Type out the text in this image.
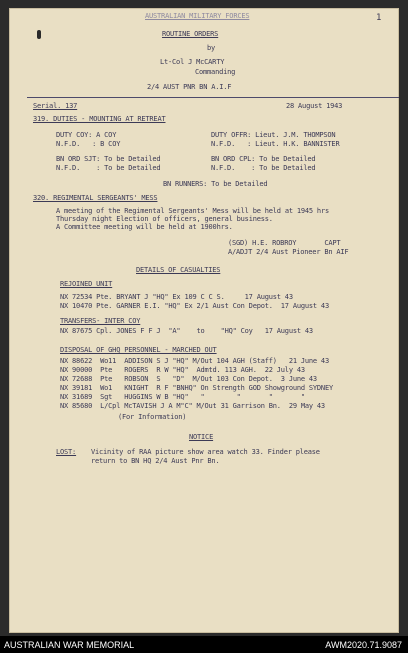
AUSTRALIAN MILITARY FORCES
ROUTINE ORDERS
by
Lt-Col J McCARTY
Commanding
2/4 AUST PNR BN A.I.F
Serial. 137	28 August 1943
319. DUTIES - MOUNTING AT RETREAT
DUTY COY: A COY
N.F.D.   : B COY
DUTY OFFR: Lieut. J.M. THOMPSON
N.F.D.   : Lieut. H.K. BANNISTER
BN ORD SJT: To be Detailed
N.F.D.    : To be Detailed
BN ORD CPL: To be Detailed
N.F.D.    : To be Detailed
BN RUNNERS: To be Detailed
320. REGIMENTAL SERGEANTS' MESS
A meeting of the Regimental Sergeants' Mess will be held at 1945 hrs
Thursday night Election of officers, general business.
A Committee meeting will be held at 1900hrs.
(SGD) H.E. ROBROY       CAPT
A/ADJT 2/4 Aust Pioneer Bn AIF
DETAILS OF CASUALTIES
REJOINED UNIT
NX 72534 Pte. BRYANT J "HQ" Ex 109 C C S.     17 August 43
NX 10470 Pte. GARNER E.I. "HQ" Ex 2/1 Aust Con Depot.  17 August 43
TRANSFERS- INTER COY
NX 87675 Cpl. JONES F F J  "A"    to    "HQ" Coy   17 August 43
DISPOSAL OF GHQ PERSONNEL - MARCHED OUT
NX 88622  Wo11  ADDISON S J "HQ" M/Out 104 AGH (Staff)   21 June 43
NX 90000  Pte   ROGERS  R W "HQ"  Admtd. 113 AGH.  22 July 43
NX 72688  Pte   ROBSON  S   "D"  M/Out 103 Con Depot.  3 June 43
NX 39181  Wo1   KNIGHT  R F "BNHQ" On Strength GOD Showground SYDNEY
NX 31689  Sgt   HUGGINS W B "HQ"   "        "       "       "
NX 85680  L/Cpl McTAVISH J A M"C" M/Out 31 Garrison Bn.  29 May 43
(For Information)
NOTICE
LOST: Vicinity of RAA picture show area watch 33. Finder please
return to BN HQ 2/4 Aust Pnr Bn.
1
AUSTRALIAN WAR MEMORIAL	AWM2020.71.9087
